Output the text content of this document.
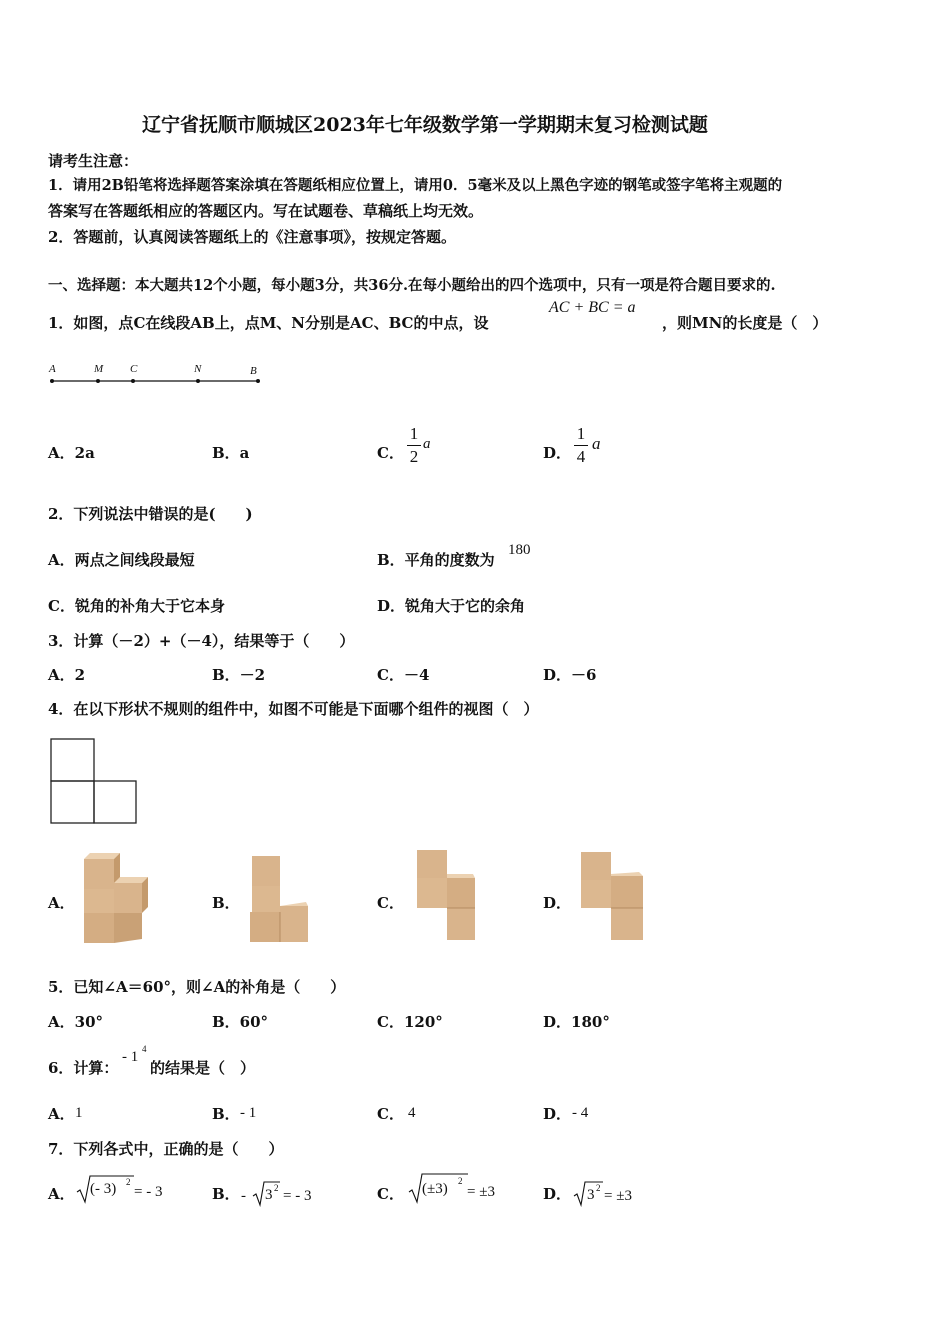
辽宁省抚顺市顺城区2023年七年级数学第一学期期末复习检测试题
请考生注意：
1．请用2B铅笔将选择题答案涂填在答题纸相应位置上，请用0．5毫米及以上黑色字迹的钢笔或签字笔将主观题的
答案写在答题纸相应的答题区内。写在试题卷、草稿纸上均无效。
2．答题前，认真阅读答题纸上的《注意事项》，按规定答题。
一、选择题：本大题共12个小题，每小题3分，共36分.在每小题给出的四个选项中，只有一项是符合题目要求的.
1．如图，点C在线段AB上，点M、N分别是AC、BC的中点，设
AC + BC = a
，则MN的长度是（　）
A	M C	N	B
A．2a	B．a	C．
1
2
a	D．
1
4
a
2．下列说法中错误的是(　　)
A．两点之间线段最短	B．平角的度数为
180
C．锐角的补角大于它本身	D．锐角大于它的余角
3．计算（－2）+（－4），结果等于（　　）
A．2	B．－2	C．－4	D．－6
4．在以下形状不规则的组件中，如图不可能是下面哪个组件的视图（　）
A．	B．	C．	D．
5．已知∠A＝60°，则∠A的补角是（　　）
A．30°	B．60°	C．120°	D．180°
6．计算：
- 1 4
的结果是（　）
A． 1	B． - 1	C． 4	D． - 4
7．下列各式中，正确的是（　　）
A． (- 3) 2
= - 3	B． - 3 2 = - 3	C． (±3) 2
= ±3	D． 3 2 = ±3
